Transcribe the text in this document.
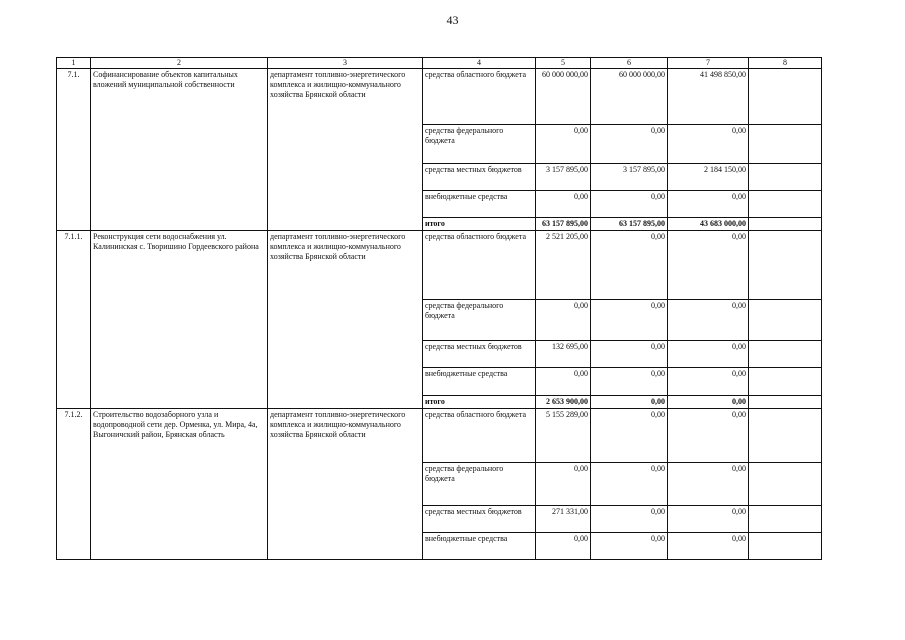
43
1	2	3	4	5	6	7	8
7.1.	Софинансирование объектов капитальных вложений муниципальной собственности	департамент топливно-энергетического комплекса и жилищно-коммунального хозяйства Брянской области	средства областного бюджета	60 000 000,00	60 000 000,00	41 498 850,00	
			средства федерального бюджета	0,00	0,00	0,00	
			средства местных бюджетов	3 157 895,00	3 157 895,00	2 184 150,00	
			внебюджетные средства	0,00	0,00	0,00	
			итого	63 157 895,00	63 157 895,00	43 683 000,00	
7.1.1.	Реконструкция сети водоснабжения ул. Калининская с. Творишино Гордеевского района	департамент топливно-энергетического комплекса и жилищно-коммунального хозяйства Брянской области	средства областного бюджета	2 521 205,00	0,00	0,00	
			средства федерального бюджета	0,00	0,00	0,00	
			средства местных бюджетов	132 695,00	0,00	0,00	
			внебюджетные средства	0,00	0,00	0,00	
			итого	2 653 900,00	0,00	0,00	
7.1.2.	Строительство водозаборного узла и водопроводной сети дер. Орменка, ул. Мира, 4а, Выгоничский район, Брянская область	департамент топливно-энергетического комплекса и жилищно-коммунального хозяйства Брянской области	средства областного бюджета	5 155 289,00	0,00	0,00	
			средства федерального бюджета	0,00	0,00	0,00	
			средства местных бюджетов	271 331,00	0,00	0,00	
			внебюджетные средства	0,00	0,00	0,00	
